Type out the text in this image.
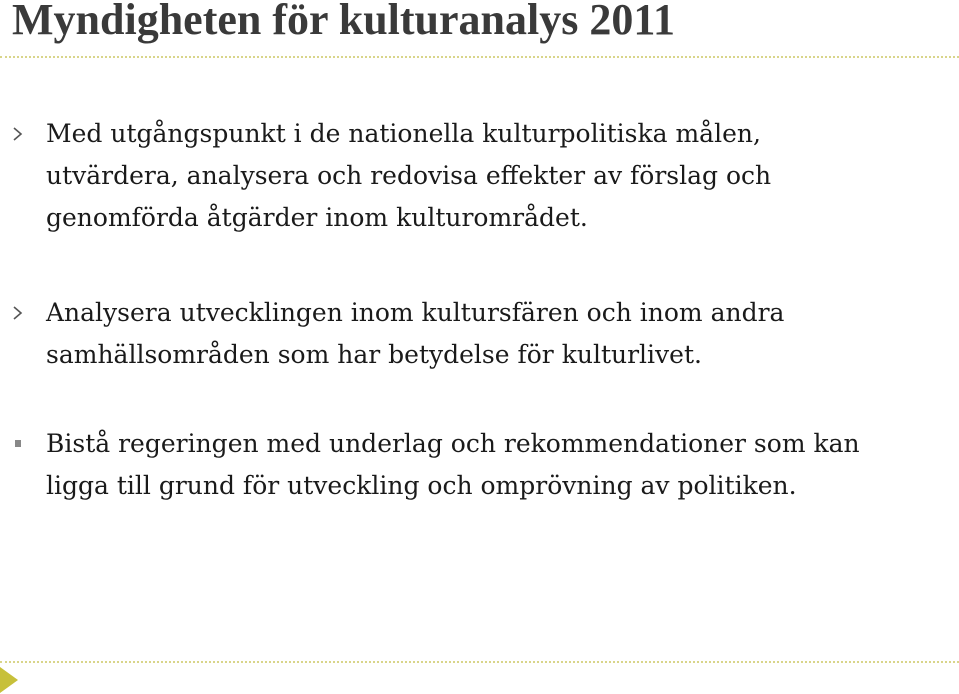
Myndigheten för kulturanalys 2011
Med utgångspunkt i de nationella kulturpolitiska målen,
utvärdera, analysera och redovisa effekter av förslag och
genomförda åtgärder inom kulturområdet.
Analysera utvecklingen inom kultursfären och inom andra
samhällsområden som har betydelse för kulturlivet.
Bistå regeringen med underlag och rekommendationer som kan
ligga till grund för utveckling och omprövning av politiken.
